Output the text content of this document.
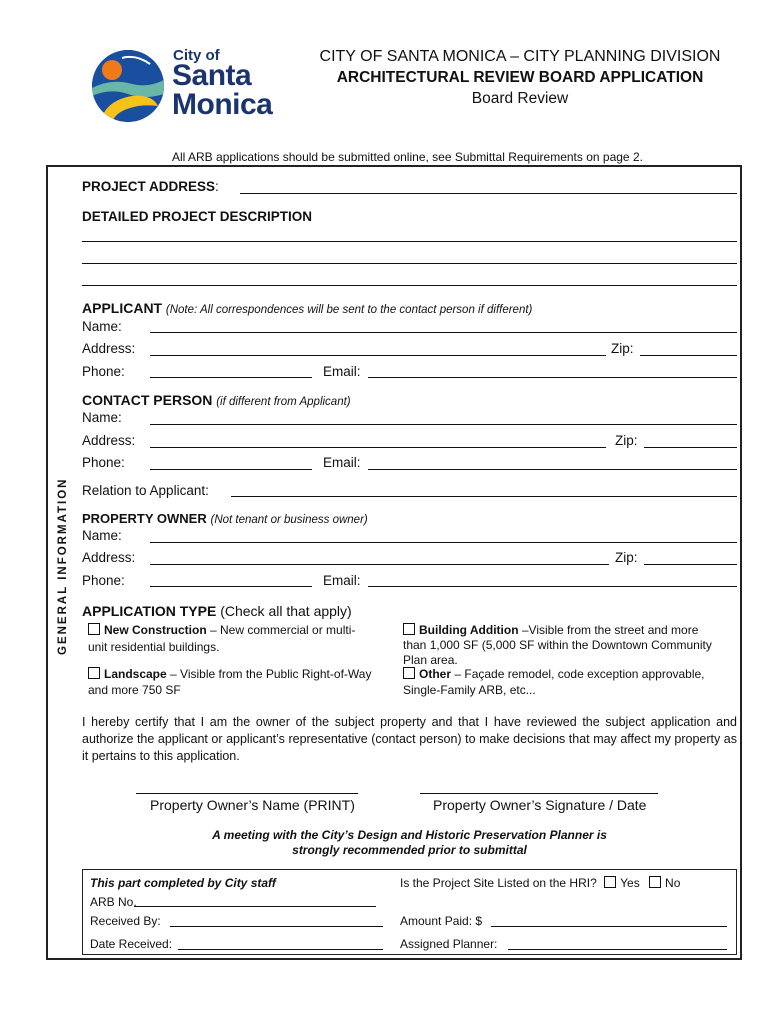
City of
Santa
Monica
CITY OF SANTA MONICA – CITY PLANNING DIVISION
ARCHITECTURAL REVIEW BOARD APPLICATION
Board Review
All ARB applications should be submitted online, see Submittal Requirements on page 2.
GENERAL INFORMATION
PROJECT ADDRESS:
DETAILED PROJECT DESCRIPTION
APPLICANT (Note: All correspondences will be sent to the contact person if different)
Name:
Address:	Zip:
Phone:	Email:
CONTACT PERSON (if different from Applicant)
Name:
Address:	Zip:
Phone:	Email:
Relation to Applicant:
PROPERTY OWNER (Not tenant or business owner)
Name:
Address:	Zip:
Phone:	Email:
APPLICATION TYPE (Check all that apply)
New Construction – New commercial or multi-
unit residential buildings.
Landscape – Visible from the Public Right-of-Way
and more 750 SF
Building Addition –Visible from the street and more
than 1,000 SF (5,000 SF within the Downtown Community
Plan area.
Other – Façade remodel, code exception approvable,
Single-Family ARB, etc...
I hereby certify that I am the owner of the subject property and that I have reviewed the subject application and authorize the applicant or applicant’s representative (contact person) to make decisions that may affect my property as it pertains to this application.
Property Owner’s Name (PRINT)	Property Owner’s Signature / Date
A meeting with the City’s Design and Historic Preservation Planner is
strongly recommended prior to submittal
This part completed by City staff
ARB No.
Received By:
Date Received:
Is the Project Site Listed on the HRI? Yes No
Amount Paid: $
Assigned Planner:
